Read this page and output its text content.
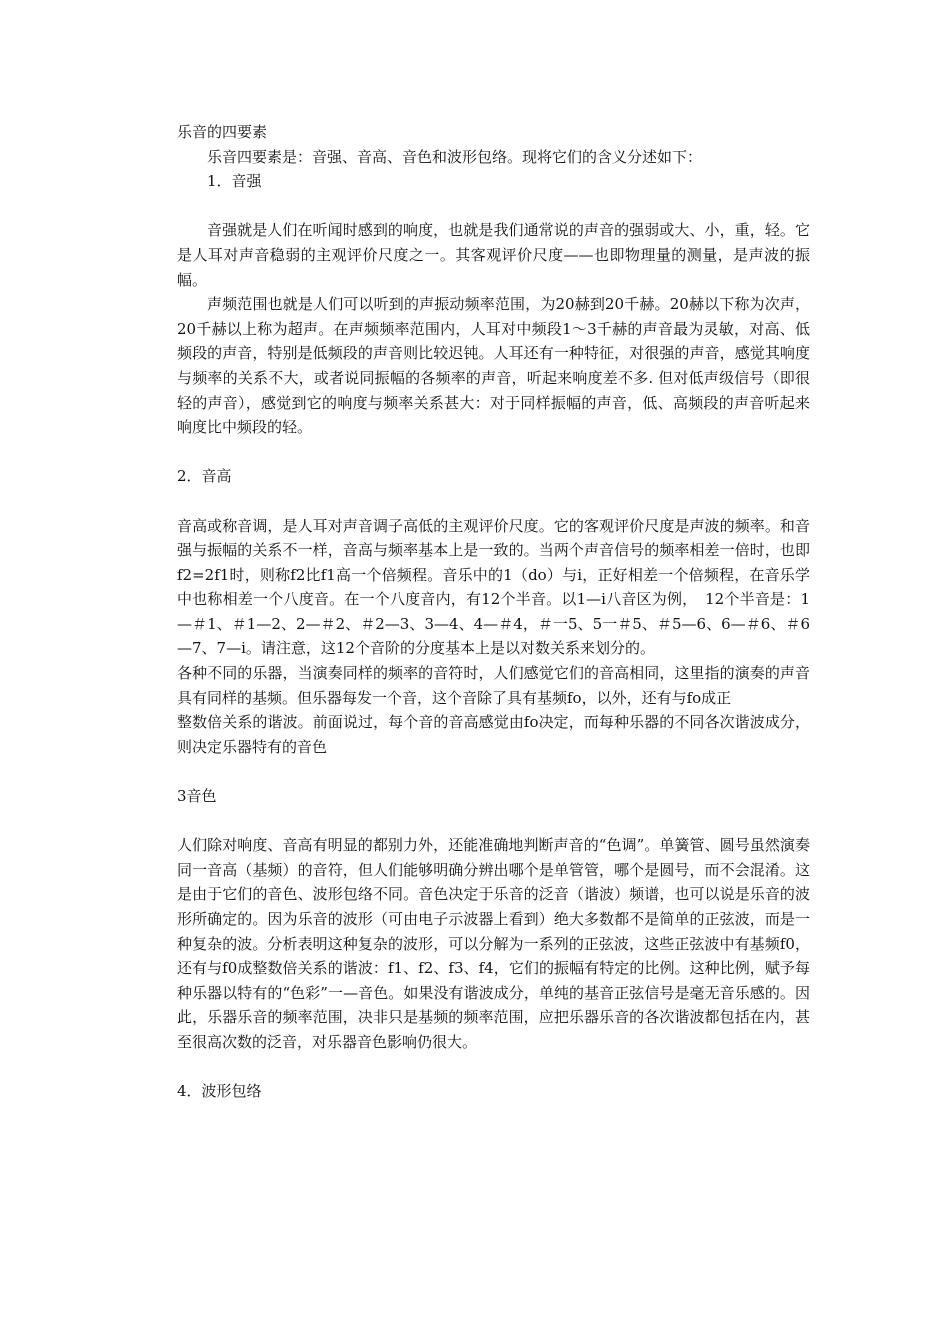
乐音的四要素

乐音四要素是：音强、音高、音色和波形包络。现将它们的含义分述如下：

1．音强

音强就是人们在听闻时感到的响度，也就是我们通常说的声音的强弱或大、小，重，轻。它是人耳对声音稳弱的主观评价尺度之一。其客观评价尺度——也即物理量的测量，是声波的振幅。

声频范围也就是人们可以听到的声振动频率范围，为20赫到20千赫。20赫以下称为次声，20千赫以上称为超声。在声频频率范围内，人耳对中频段1～3千赫的声音最为灵敏，对高、低频段的声音，特别是低频段的声音则比较迟钝。人耳还有一种特征，对很强的声音，感觉其响度与频率的关系不大，或者说同振幅的各频率的声音，听起来响度差不多. 但对低声级信号（即很轻的声音），感觉到它的响度与频率关系甚大：对于同样振幅的声音，低、高频段的声音听起来响度比中频段的轻。

2．音高

音高或称音调，是人耳对声音调子高低的主观评价尺度。它的客观评价尺度是声波的频率。和音强与振幅的关系不一样，音高与频率基本上是一致的。当两个声音信号的频率相差一倍时，也即f2=2f1时，则称f2比f1高一个倍频程。音乐中的1（do）与i，正好相差一个倍频程，在音乐学中也称相差一个八度音。在一个八度音内，有12个半音。以1—i八音区为例，　12个半音是：1—＃1、＃1—2、2—＃2、＃2—3、3—4、4—＃4，＃一5、5一＃5、＃5—6、6—＃6、＃6—7、7—i。请注意，这12个音阶的分度基本上是以对数关系来划分的。

各种不同的乐器，当演奏同样的频率的音符时，人们感觉它们的音高相同，这里指的演奏的声音具有同样的基频。但乐器每发一个音，这个音除了具有基频fo，以外，还有与fo成正

整数倍关系的谐波。前面说过，每个音的音高感觉由fo决定，而每种乐器的不同各次谐波成分，则决定乐器特有的音色

3音色

人们除对响度、音高有明显的都别力外，还能准确地判断声音的“色调”。单簧管、圆号虽然演奏同一音高（基频）的音符，但人们能够明确分辨出哪个是单管管，哪个是圆号，而不会混淆。这是由于它们的音色、波形包络不同。音色决定于乐音的泛音（谐波）频谱，也可以说是乐音的波形所确定的。因为乐音的波形（可由电子示波器上看到）绝大多数都不是简单的正弦波，而是一种复杂的波。分析表明这种复杂的波形，可以分解为一系列的正弦波，这些正弦波中有基频f0，还有与f0成整数倍关系的谐波：f1、f2、f3、f4，它们的振幅有特定的比例。这种比例，赋予每种乐器以特有的“色彩”一—音色。如果没有谐波成分，单纯的基音正弦信号是毫无音乐感的。因此，乐器乐音的频率范围，决非只是基频的频率范围，应把乐器乐音的各次谐波都包括在内，甚至很高次数的泛音，对乐器音色影响仍很大。

4．波形包络
